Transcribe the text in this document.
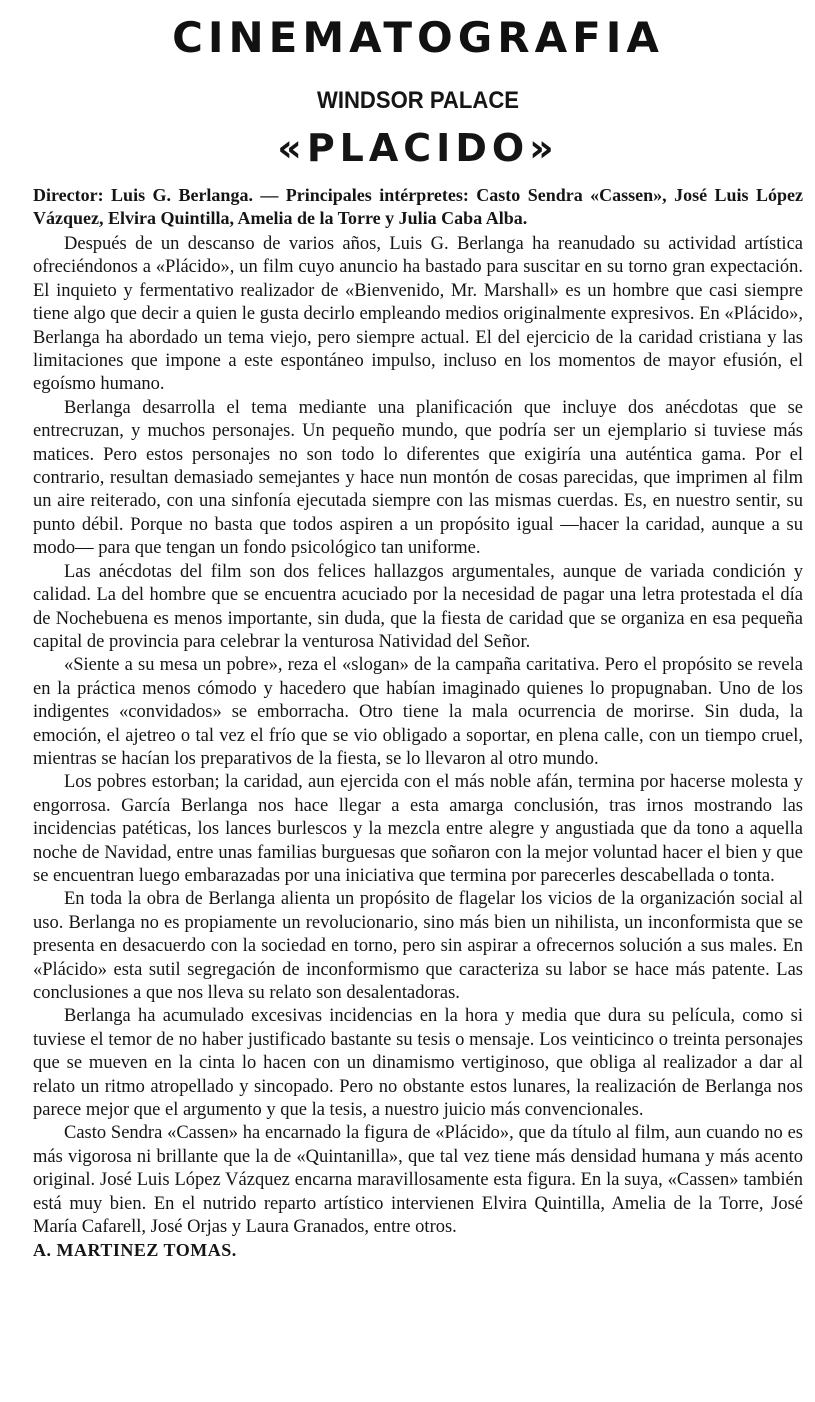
CINEMATOGRAFIA
WINDSOR PALACE
«PLACIDO»

Director: Luis G. Berlanga. — Principales intérpretes: Casto Sendra «Cassen», José Luis López Vázquez, Elvira Quintilla, Amelia de la Torre y Julia Caba Alba.

Después de un descanso de varios años, Luis G. Berlanga ha reanudado su actividad artística ofreciéndonos a «Plácido», un film cuyo anuncio ha bastado para suscitar en su torno gran expectación. El inquieto y fermentativo realizador de «Bienvenido, Mr. Marshall» es un hombre que casi siempre tiene algo que decir a quien le gusta decirlo empleando medios originalmente expresivos. En «Plácido», Berlanga ha abordado un tema viejo, pero siempre actual. El del ejercicio de la caridad cristiana y las limitaciones que impone a este espontáneo impulso, incluso en los momentos de mayor efusión, el egoísmo humano.

Berlanga desarrolla el tema mediante una planificación que incluye dos anécdotas que se entrecruzan, y muchos personajes. Un pequeño mundo, que podría ser un ejemplario si tuviese más matices. Pero estos personajes no son todo lo diferentes que exigiría una auténtica gama. Por el contrario, resultan demasiado semejantes y hace nun montón de cosas parecidas, que imprimen al film un aire reiterado, con una sinfonía ejecutada siempre con las mismas cuerdas. Es, en nuestro sentir, su punto débil. Porque no basta que todos aspiren a un propósito igual —hacer la caridad, aunque a su modo— para que tengan un fondo psicológico tan uniforme.

Las anécdotas del film son dos felices hallazgos argumentales, aunque de variada condición y calidad. La del hombre que se encuentra acuciado por la necesidad de pagar una letra protestada el día de Nochebuena es menos importante, sin duda, que la fiesta de caridad que se organiza en esa pequeña capital de provincia para celebrar la venturosa Natividad del Señor.

«Siente a su mesa un pobre», reza el «slogan» de la campaña caritativa. Pero el propósito se revela en la práctica menos cómodo y hacedero que habían imaginado quienes lo propugnaban. Uno de los indigentes «convidados» se emborracha. Otro tiene la mala ocurrencia de morirse. Sin duda, la emoción, el ajetreo o tal vez el frío que se vio obligado a soportar, en plena calle, con un tiempo cruel, mientras se hacían los preparativos de la fiesta, se lo llevaron al otro mundo.

Los pobres estorban; la caridad, aun ejercida con el más noble afán, termina por hacerse molesta y engorrosa. García Berlanga nos hace llegar a esta amarga conclusión, tras irnos mostrando las incidencias patéticas, los lances burlescos y la mezcla entre alegre y angustiada que da tono a aquella noche de Navidad, entre unas familias burguesas que soñaron con la mejor voluntad hacer el bien y que se encuentran luego embarazadas por una iniciativa que termina por parecerles descabellada o tonta.

En toda la obra de Berlanga alienta un propósito de flagelar los vicios de la organización social al uso. Berlanga no es propiamente un revolucionario, sino más bien un nihilista, un inconformista que se presenta en desacuerdo con la sociedad en torno, pero sin aspirar a ofrecernos solución a sus males. En «Plácido» esta sutil segregación de inconformismo que caracteriza su labor se hace más patente. Las conclusiones a que nos lleva su relato son desalentadoras.

Berlanga ha acumulado excesivas incidencias en la hora y media que dura su película, como si tuviese el temor de no haber justificado bastante su tesis o mensaje. Los veinticinco o treinta personajes que se mueven en la cinta lo hacen con un dinamismo vertiginoso, que obliga al realizador a dar al relato un ritmo atropellado y sincopado. Pero no obstante estos lunares, la realización de Berlanga nos parece mejor que el argumento y que la tesis, a nuestro juicio más convencionales.

Casto Sendra «Cassen» ha encarnado la figura de «Plácido», que da título al film, aun cuando no es más vigorosa ni brillante que la de «Quintanilla», que tal vez tiene más densidad humana y más acento original. José Luis López Vázquez encarna maravillosamente esta figura. En la suya, «Cassen» también está muy bien. En el nutrido reparto artístico intervienen Elvira Quintilla, Amelia de la Torre, José María Cafarell, José Orjas y Laura Granados, entre otros.

A. MARTINEZ TOMAS.
